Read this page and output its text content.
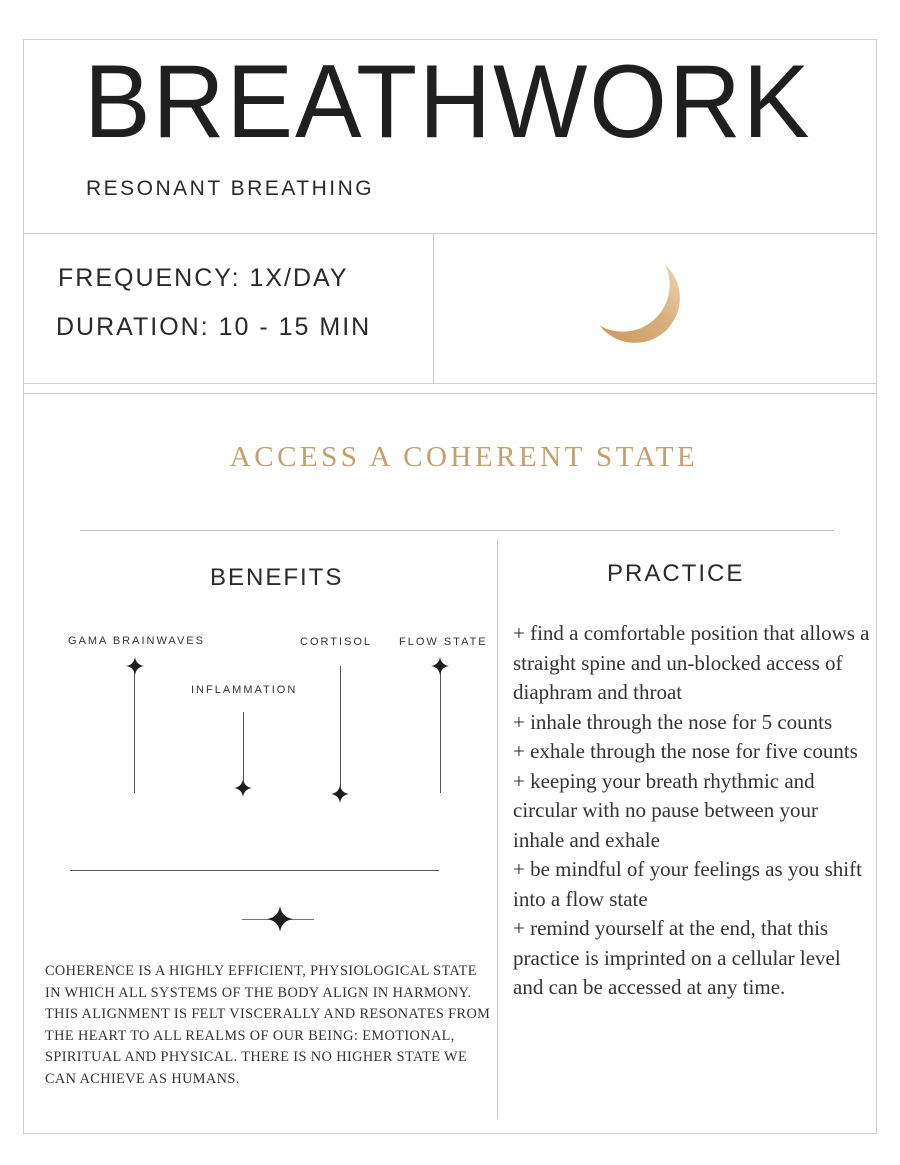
BREATHWORK
RESONANT BREATHING
FREQUENCY: 1X/DAY
DURATION: 10 - 15 MIN
ACCESS A COHERENT STATE
BENEFITS	PRACTICE
GAMA BRAINWAVES
INFLAMMATION
CORTISOL FLOW STATE
COHERENCE IS A HIGHLY EFFICIENT, PHYSIOLOGICAL STATE IN WHICH ALL SYSTEMS OF THE BODY ALIGN IN HARMONY. THIS ALIGNMENT IS FELT VISCERALLY AND RESONATES FROM THE HEART TO ALL REALMS OF OUR BEING: EMOTIONAL, SPIRITUAL AND PHYSICAL. THERE IS NO HIGHER STATE WE CAN ACHIEVE AS HUMANS.
+ find a comfortable position that allows a straight spine and un-blocked access of diaphram and throat
+ inhale through the nose for 5 counts
+ exhale through the nose for five counts
+ keeping your breath rhythmic and circular with no pause between your inhale and exhale
+ be mindful of your feelings as you shift into a flow state
+ remind yourself at the end, that this practice is imprinted on a cellular level and can be accessed at any time.
